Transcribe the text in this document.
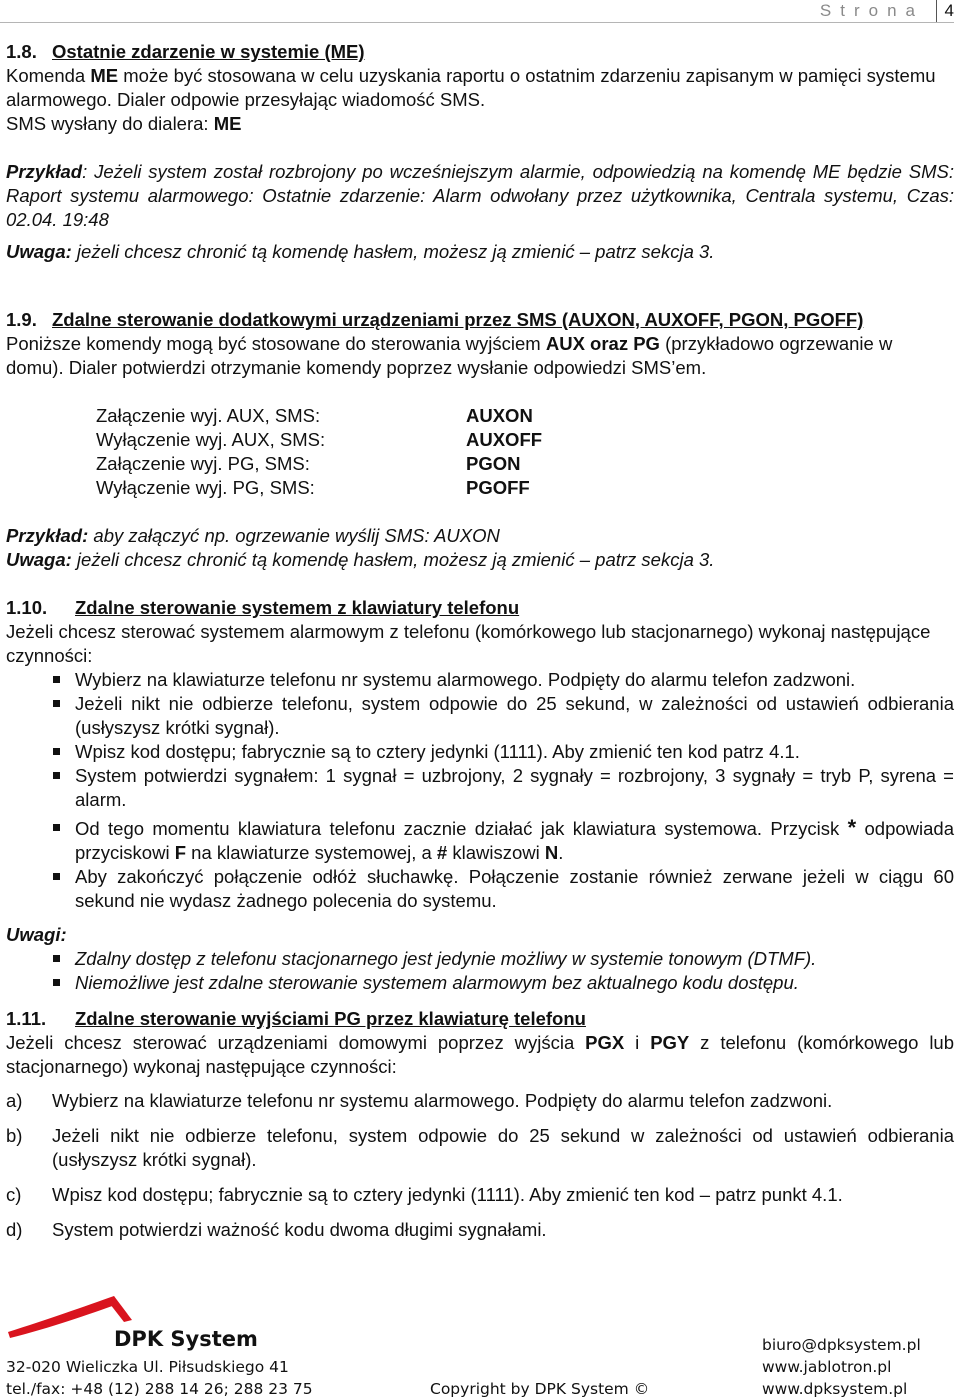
Strona	4

1.8. Ostatnie zdarzenie w systemie (ME)

Komenda ME może być stosowana w celu uzyskania raportu o ostatnim zdarzeniu zapisanym w pamięci systemu alarmowego. Dialer odpowie przesyłając wiadomość SMS.

SMS wysłany do dialera: ME

Przykład: Jeżeli system został rozbrojony po wcześniejszym alarmie, odpowiedzią na komendę ME będzie SMS: Raport systemu alarmowego: Ostatnie zdarzenie: Alarm odwołany przez użytkownika, Centrala systemu, Czas: 02.04. 19:48

Uwaga: jeżeli chcesz chronić tą komendę hasłem, możesz ją zmienić – patrz sekcja 3.

1.9. Zdalne sterowanie dodatkowymi urządzeniami przez SMS (AUXON, AUXOFF, PGON, PGOFF)

Poniższe komendy mogą być stosowane do sterowania wyjściem AUX oraz PG (przykładowo ogrzewanie w domu). Dialer potwierdzi otrzymanie komendy poprzez wysłanie odpowiedzi SMS’em.

Załączenie wyj. AUX, SMS:	AUXON
Wyłączenie wyj. AUX, SMS:	AUXOFF
Załączenie wyj. PG, SMS:	PGON
Wyłączenie wyj. PG, SMS:	PGOFF

Przykład: aby załączyć np. ogrzewanie wyślij SMS: AUXON

Uwaga: jeżeli chcesz chronić tą komendę hasłem, możesz ją zmienić – patrz sekcja 3.

1.10. Zdalne sterowanie systemem z klawiatury telefonu

Jeżeli chcesz sterować systemem alarmowym z telefonu (komórkowego lub stacjonarnego) wykonaj następujące czynności:

Wybierz na klawiaturze telefonu nr systemu alarmowego. Podpięty do alarmu telefon zadzwoni.
Jeżeli nikt nie odbierze telefonu, system odpowie do 25 sekund, w zależności od ustawień odbierania (usłyszysz krótki sygnał).
Wpisz kod dostępu; fabrycznie są to cztery jedynki (1111). Aby zmienić ten kod patrz 4.1.
System potwierdzi sygnałem: 1 sygnał = uzbrojony, 2 sygnały = rozbrojony, 3 sygnały = tryb P, syrena = alarm.
Od tego momentu klawiatura telefonu zacznie działać jak klawiatura systemowa. Przycisk * odpowiada przyciskowi F na klawiaturze systemowej, a # klawiszowi N.
Aby zakończyć połączenie odłóż słuchawkę. Połączenie zostanie również zerwane jeżeli w ciągu 60 sekund nie wydasz żadnego polecenia do systemu.

Uwagi:

Zdalny dostęp z telefonu stacjonarnego jest jedynie możliwy w systemie tonowym (DTMF).
Niemożliwe jest zdalne sterowanie systemem alarmowym bez aktualnego kodu dostępu.

1.11. Zdalne sterowanie wyjściami PG przez klawiaturę telefonu

Jeżeli chcesz sterować urządzeniami domowymi poprzez wyjścia PGX i PGY z telefonu (komórkowego lub stacjonarnego) wykonaj następujące czynności:

a) Wybierz na klawiaturze telefonu nr systemu alarmowego. Podpięty do alarmu telefon zadzwoni.
b) Jeżeli nikt nie odbierze telefonu, system odpowie do 25 sekund w zależności od ustawień odbierania (usłyszysz krótki sygnał).
c) Wpisz kod dostępu; fabrycznie są to cztery jedynki (1111). Aby zmienić ten kod – patrz punkt 4.1.
d) System potwierdzi ważność kodu dwoma długimi sygnałami.
DPK System
32-020 Wieliczka Ul. Piłsudskiego 41
tel./fax: +48 (12) 288 14 26; 288 23 75	Copyright by DPK System ©
biuro@dpksystem.pl
www.jablotron.pl
www.dpksystem.pl
